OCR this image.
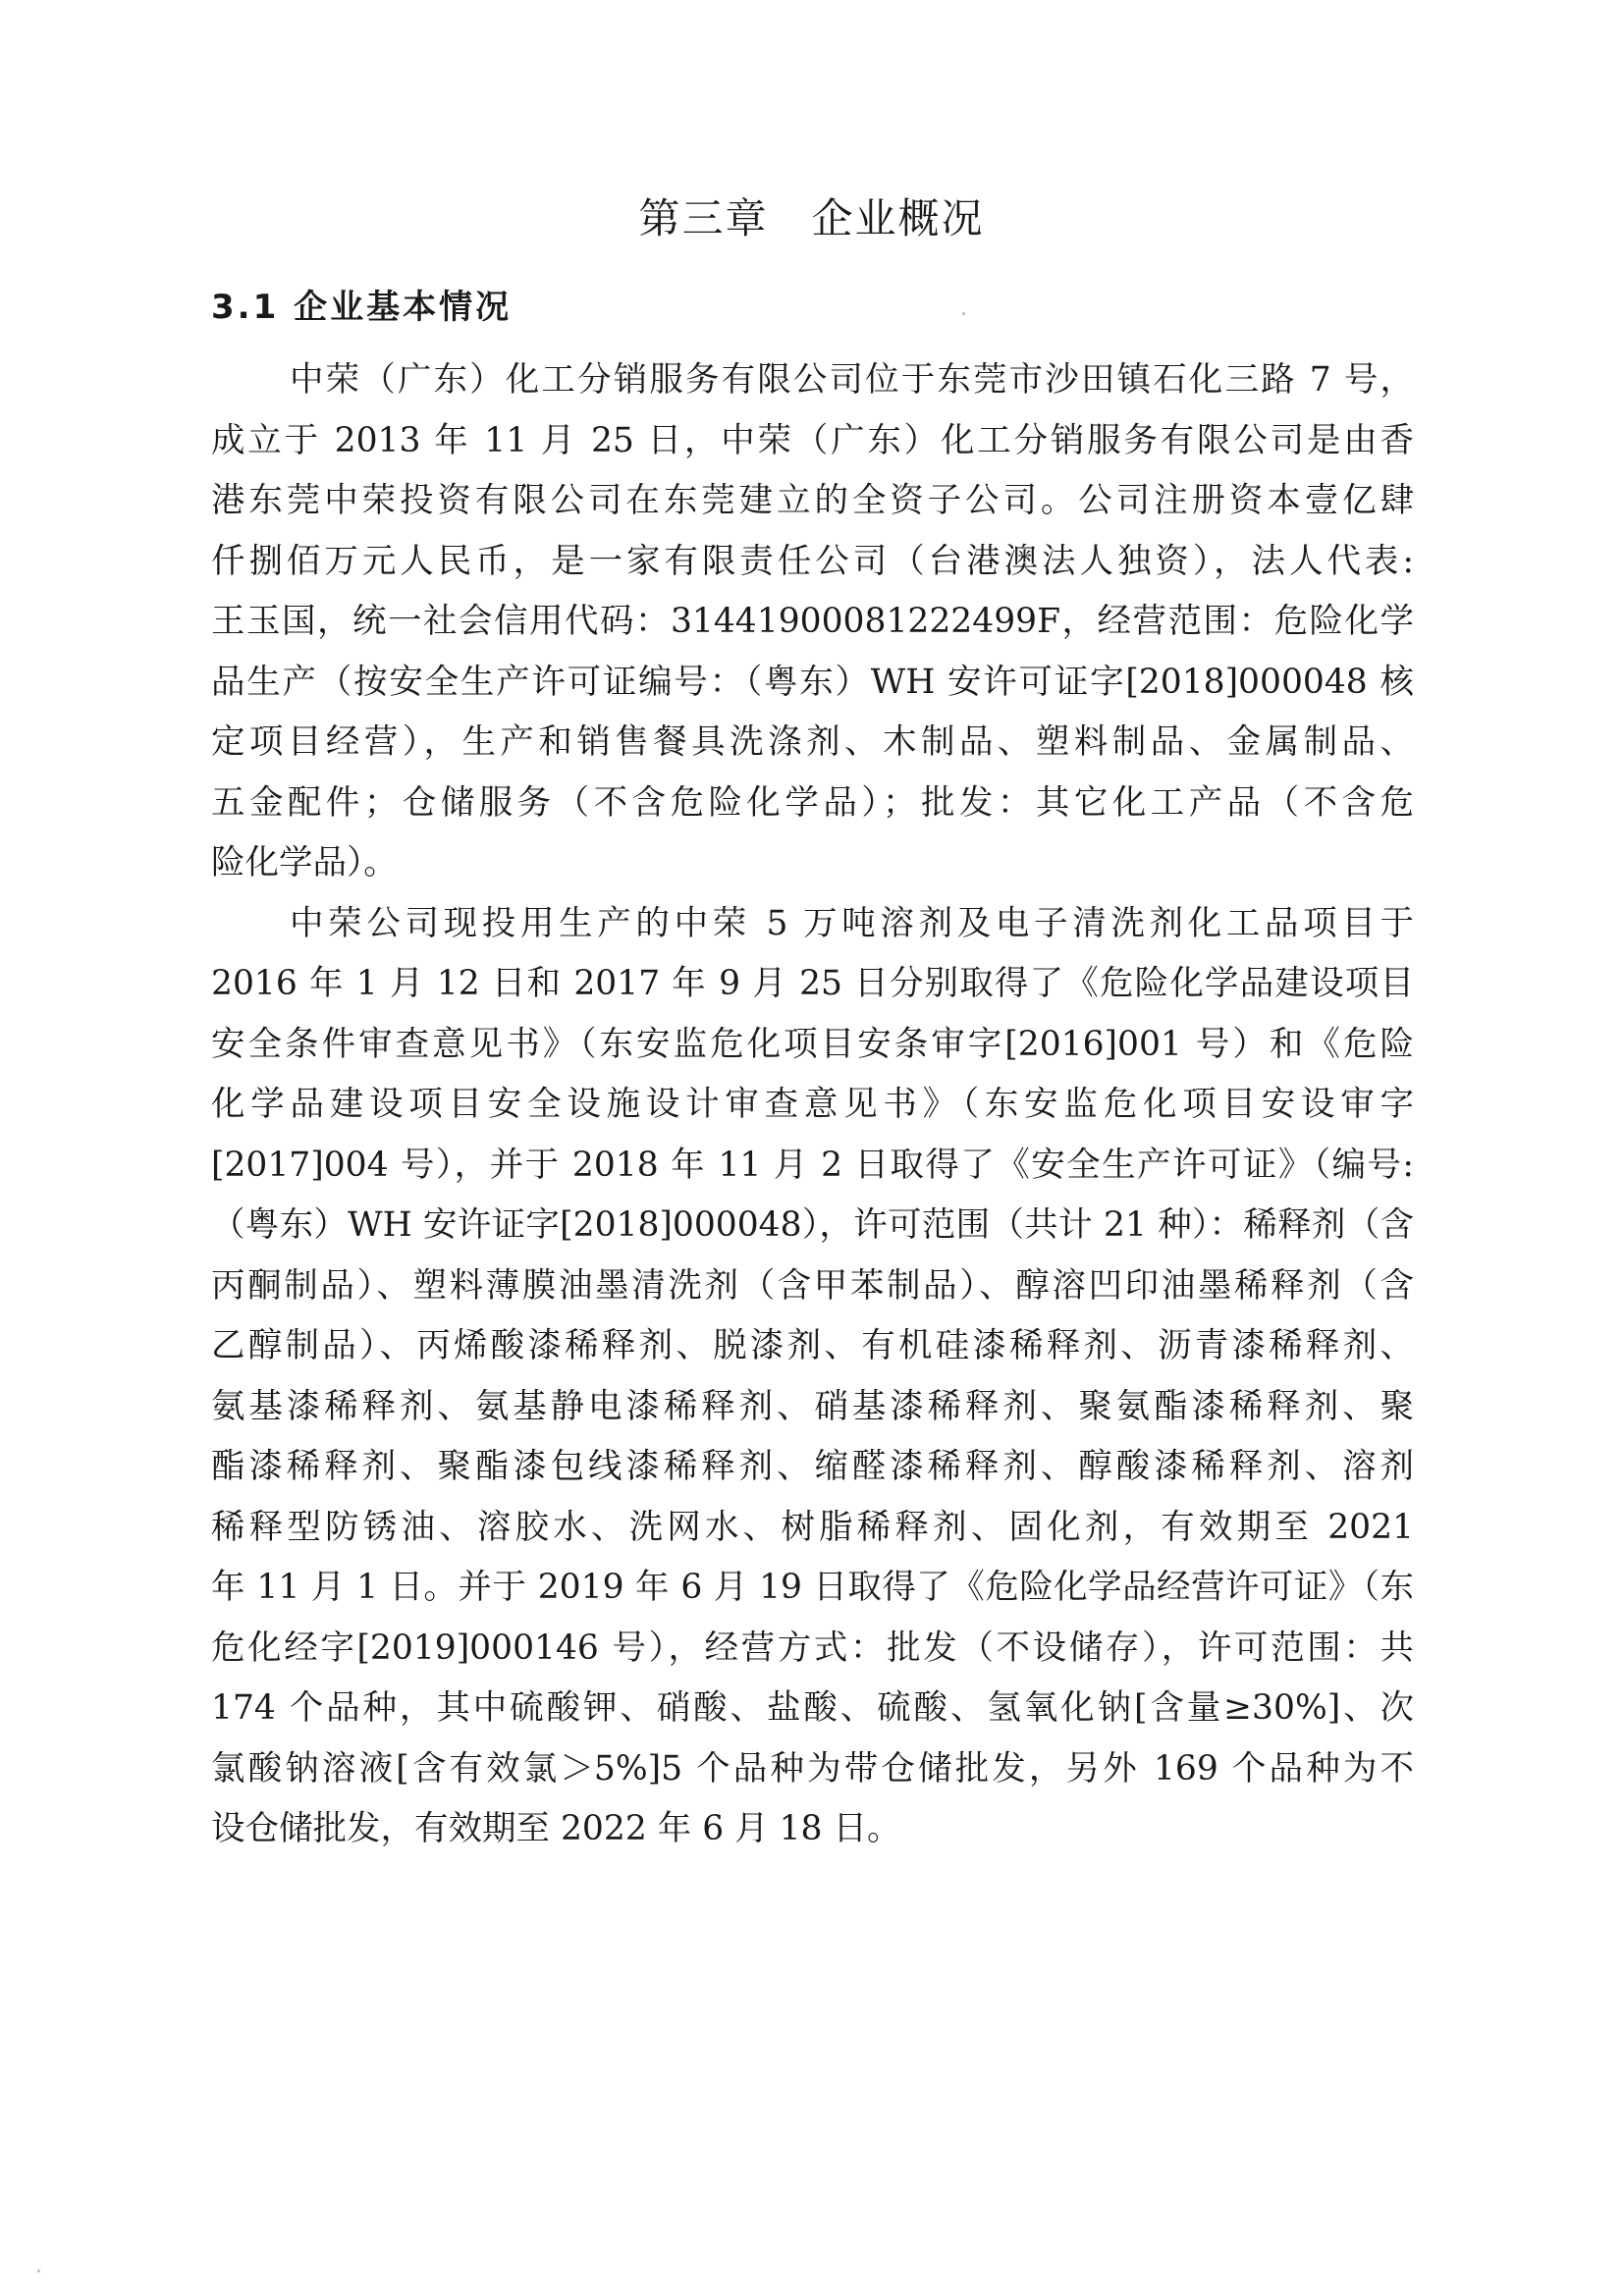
第三章　企业概况
3.1 企业基本情况
中荣（广东）化工分销服务有限公司位于东莞市沙田镇石化三路 7 号，
成立于 2013 年 11 月 25 日，中荣（广东）化工分销服务有限公司是由香
港东莞中荣投资有限公司在东莞建立的全资子公司。公司注册资本壹亿肆
仟捌佰万元人民币，是一家有限责任公司（台港澳法人独资），法人代表:
王玉国，统一社会信用代码：31441900081222499F，经营范围：危险化学
品生产（按安全生产许可证编号：（粤东）WH 安许可证字[2018]000048 核
定项目经营），生产和销售餐具洗涤剂、木制品、塑料制品、金属制品、
五金配件；仓储服务（不含危险化学品）；批发：其它化工产品（不含危
险化学品）。
中荣公司现投用生产的中荣 5 万吨溶剂及电子清洗剂化工品项目于
2016 年 1 月 12 日和 2017 年 9 月 25 日分别取得了《危险化学品建设项目
安全条件审查意见书》（东安监危化项目安条审字[2016]001 号）和《危险
化学品建设项目安全设施设计审查意见书》（东安监危化项目安设审字
[2017]004 号），并于 2018 年 11 月 2 日取得了《安全生产许可证》（编号:
（粤东）WH 安许证字[2018]000048），许可范围（共计 21 种）：稀释剂（含
丙酮制品）、塑料薄膜油墨清洗剂（含甲苯制品）、醇溶凹印油墨稀释剂（含
乙醇制品）、丙烯酸漆稀释剂、脱漆剂、有机硅漆稀释剂、沥青漆稀释剂、
氨基漆稀释剂、氨基静电漆稀释剂、硝基漆稀释剂、聚氨酯漆稀释剂、聚
酯漆稀释剂、聚酯漆包线漆稀释剂、缩醛漆稀释剂、醇酸漆稀释剂、溶剂
稀释型防锈油、溶胶水、洗网水、树脂稀释剂、固化剂，有效期至 2021
年 11 月 1 日。并于 2019 年 6 月 19 日取得了《危险化学品经营许可证》（东
危化经字[2019]000146 号），经营方式：批发（不设储存），许可范围：共
174 个品种，其中硫酸钾、硝酸、盐酸、硫酸、氢氧化钠[含量≥30%]、次
氯酸钠溶液[含有效氯＞5%]5 个品种为带仓储批发，另外 169 个品种为不
设仓储批发，有效期至 2022 年 6 月 18 日。
